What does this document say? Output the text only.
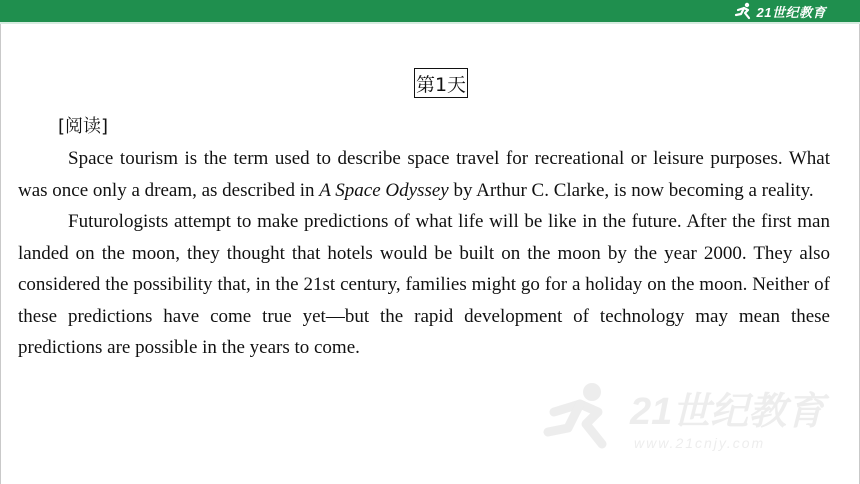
21世纪教育
第1天
[阅读]

Space tourism is the term used to describe space travel for recreational or leisure purposes. What was once only a dream, as described in A Space Odyssey by Arthur C. Clarke, is now becoming a reality.

Futurologists attempt to make predictions of what life will be like in the future. After the first man landed on the moon, they thought that hotels would be built on the moon by the year 2000. They also considered the possibility that, in the 21st century, families might go for a holiday on the moon. Neither of these predictions have come true yet—but the rapid development of technology may mean these predictions are possible in the years to come.

21世纪教育
www.21cnjy.com
